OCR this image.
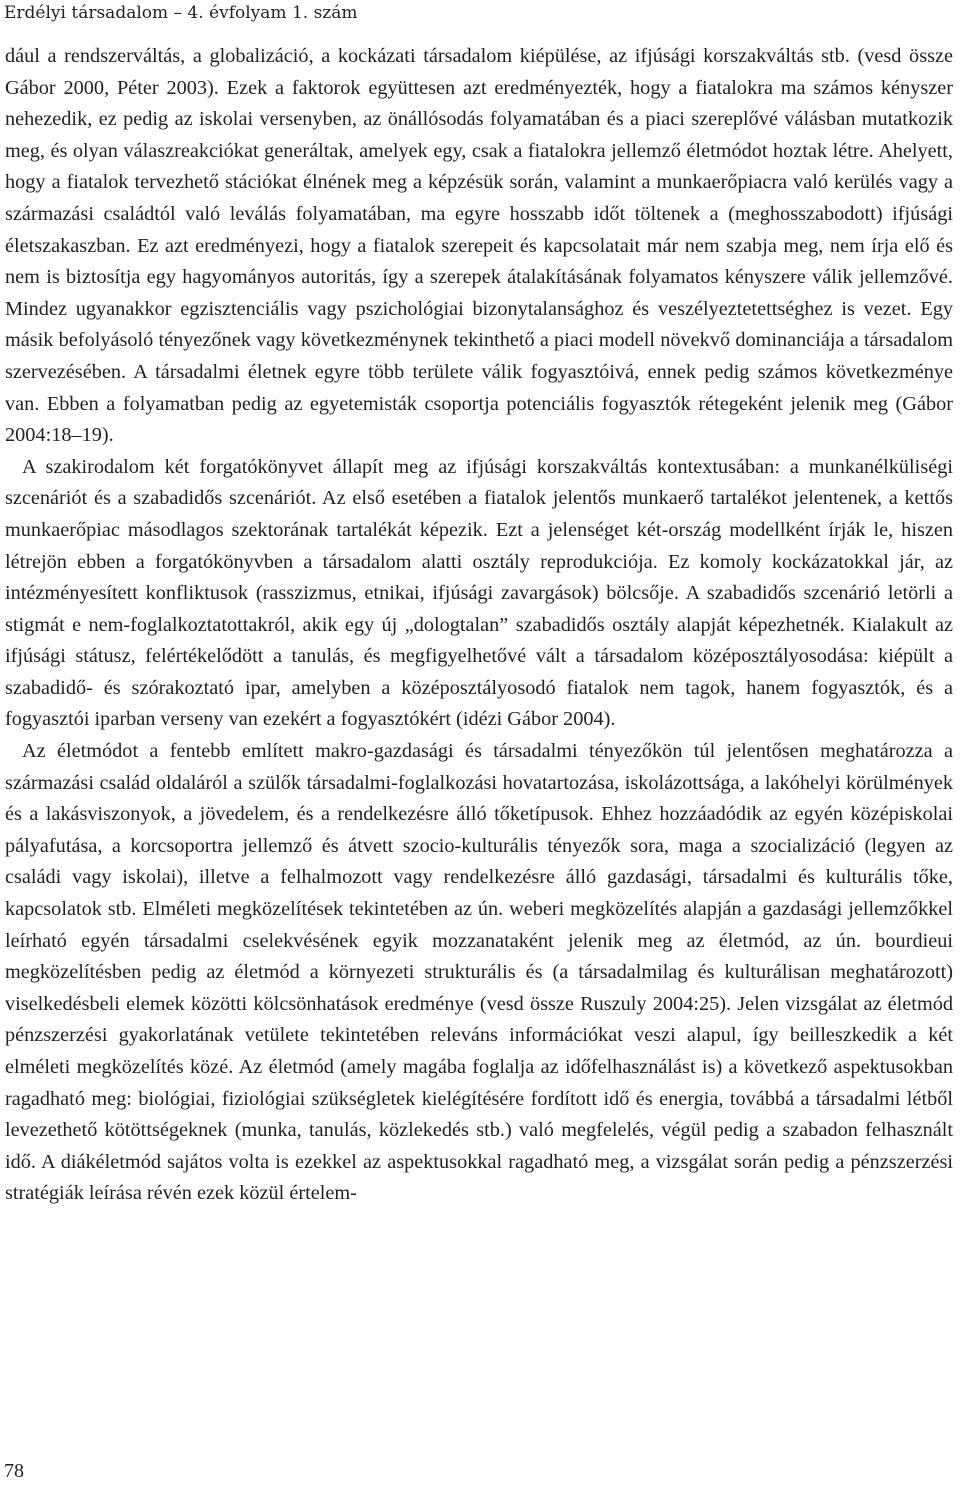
Erdélyi társadalom – 4. évfolyam 1. szám

dául a rendszerváltás, a globalizáció, a kockázati társadalom kiépülése, az ifjúsági korszakváltás stb. (vesd össze Gábor 2000, Péter 2003). Ezek a faktorok együttesen azt eredményezték, hogy a fiatalokra ma számos kényszer nehezedik, ez pedig az iskolai versenyben, az önállósodás folyamatában és a piaci szereplővé válásban mutatkozik meg, és olyan válaszreakciókat generáltak, amelyek egy, csak a fiatalokra jellemző életmódot hoztak létre. Ahelyett, hogy a fiatalok tervezhető stációkat élnének meg a képzésük során, valamint a munkaerőpiacra való kerülés vagy a származási családtól való leválás folyamatában, ma egyre hosszabb időt töltenek a (meghosszabodott) ifjúsági életszakaszban. Ez azt eredményezi, hogy a fiatalok szerepeit és kapcsolatait már nem szabja meg, nem írja elő és nem is biztosítja egy hagyományos autoritás, így a szerepek átalakításának folyamatos kényszere válik jellemzővé. Mindez ugyanakkor egzisztenciális vagy pszichológiai bizonytalansághoz és veszélyeztetettséghez is vezet. Egy másik befolyásoló tényezőnek vagy következménynek tekinthető a piaci modell növekvő dominanciája a társadalom szervezésében. A társadalmi életnek egyre több területe válik fogyasztóivá, ennek pedig számos következménye van. Ebben a folyamatban pedig az egyetemisták csoportja potenciális fogyasztók rétegeként jelenik meg (Gábor 2004:18–19).

A szakirodalom két forgatókönyvet állapít meg az ifjúsági korszakváltás kontextusában: a munkanélküliségi szcenáriót és a szabadidős szcenáriót. Az első esetében a fiatalok jelentős munkaerő tartalékot jelentenek, a kettős munkaerőpiac másodlagos szektorának tartalékát képezik. Ezt a jelenséget két-ország modellként írják le, hiszen létrejön ebben a forgatókönyvben a társadalom alatti osztály reprodukciója. Ez komoly kockázatokkal jár, az intézményesített konfliktusok (rasszizmus, etnikai, ifjúsági zavargások) bölcsője. A szabadidős szcenárió letörli a stigmát e nem-foglalkoztatottakról, akik egy új „dologtalan” szabadidős osztály alapját képezhetnék. Kialakult az ifjúsági státusz, felértékelődött a tanulás, és megfigyelhetővé vált a társadalom középosztályosodása: kiépült a szabadidő- és szórakoztató ipar, amelyben a középosztályosodó fiatalok nem tagok, hanem fogyasztók, és a fogyasztói iparban verseny van ezekért a fogyasztókért (idézi Gábor 2004).

Az életmódot a fentebb említett makro-gazdasági és társadalmi tényezőkön túl jelentősen meghatározza a származási család oldaláról a szülők társadalmi-foglalkozási hovatartozása, iskolázottsága, a lakóhelyi körülmények és a lakásviszonyok, a jövedelem, és a rendelkezésre álló tőketípusok. Ehhez hozzáadódik az egyén középiskolai pályafutása, a korcsoportra jellemző és átvett szocio-kulturális tényezők sora, maga a szocializáció (legyen az családi vagy iskolai), illetve a felhalmozott vagy rendelkezésre álló gazdasági, társadalmi és kulturális tőke, kapcsolatok stb. Elméleti megközelítések tekintetében az ún. weberi megközelítés alapján a gazdasági jellemzőkkel leírható egyén társadalmi cselekvésének egyik mozzanataként jelenik meg az életmód, az ún. bourdieui megközelítésben pedig az életmód a környezeti strukturális és (a társadalmilag és kulturálisan meghatározott) viselkedésbeli elemek közötti kölcsönhatások eredménye (vesd össze Ruszuly 2004:25). Jelen vizsgálat az életmód pénzszerzési gyakorlatának vetülete tekintetében releváns információkat veszi alapul, így beilleszkedik a két elméleti megközelítés közé. Az életmód (amely magába foglalja az időfelhasználást is) a következő aspektusokban ragadható meg: biológiai, fiziológiai szükségletek kielégítésére fordított idő és energia, továbbá a társadalmi létből levezethető kötöttségeknek (munka, tanulás, közlekedés stb.) való megfelelés, végül pedig a szabadon felhasznált idő. A diákéletmód sajátos volta is ezekkel az aspektusokkal ragadható meg, a vizsgálat során pedig a pénzszerzési stratégiák leírása révén ezek közül értelem-

78
